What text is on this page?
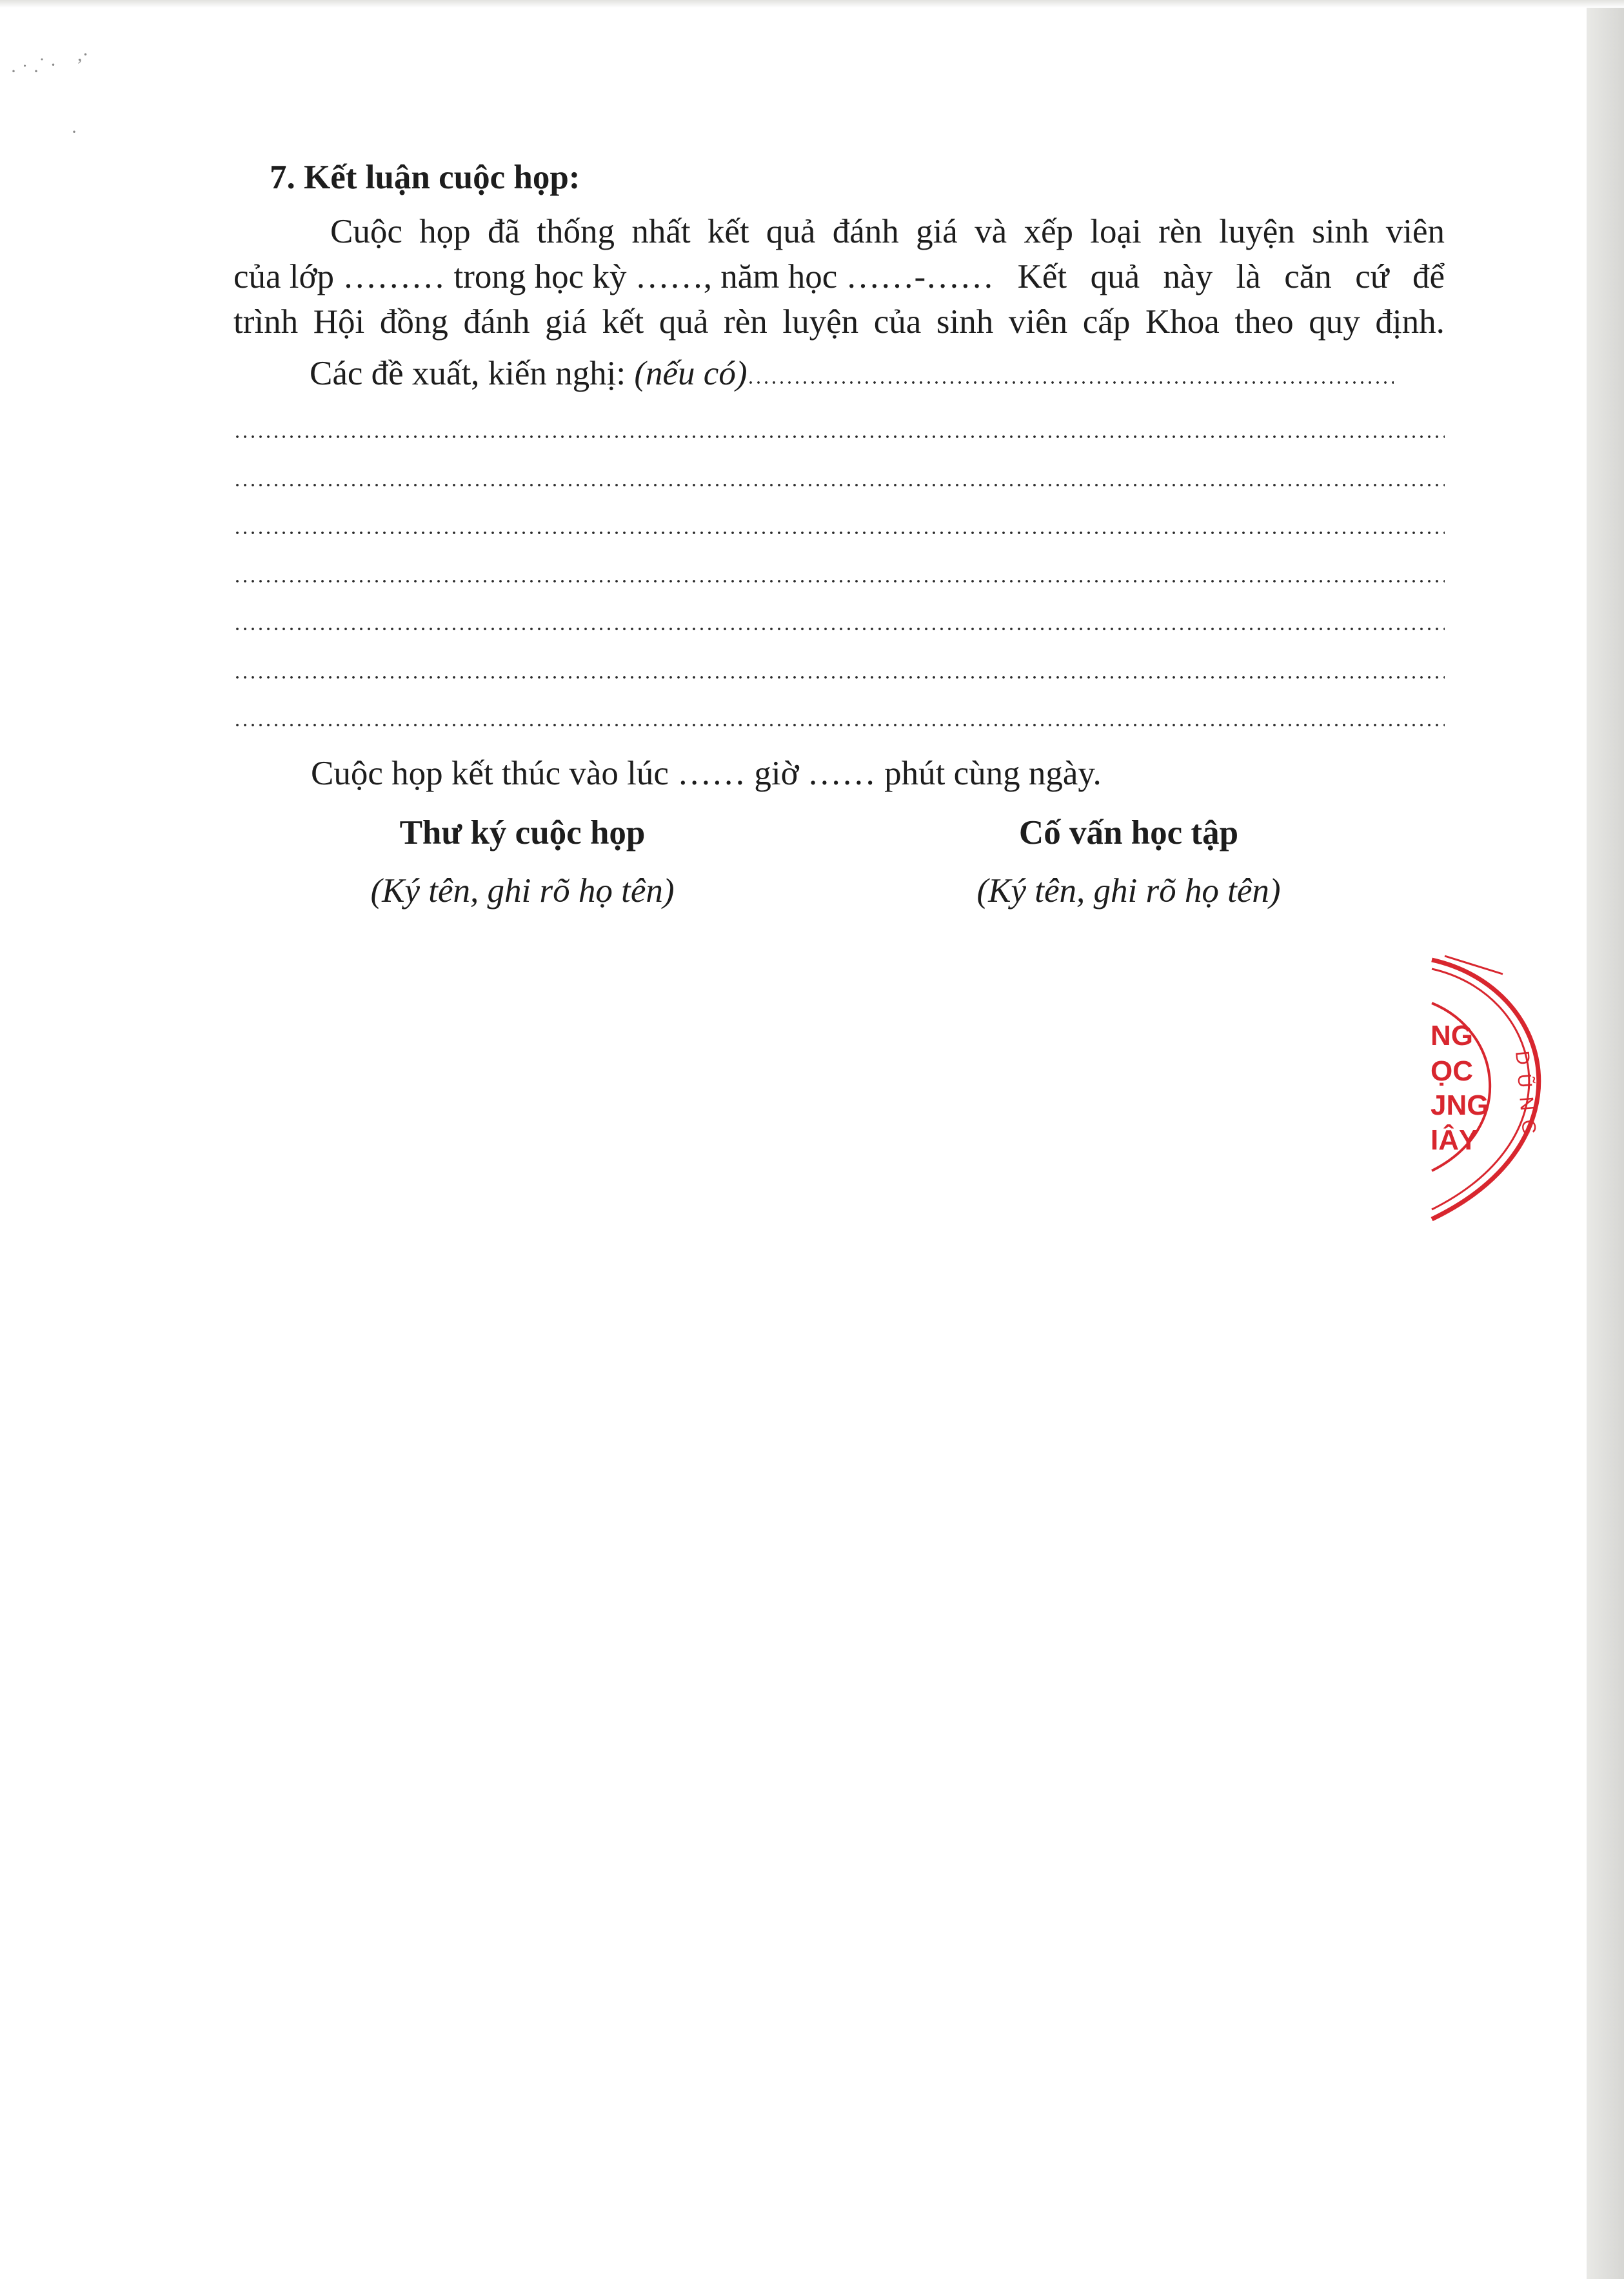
· ˙ · ˙ · ,·
·
7. Kết luận cuộc họp:
Cuộc họp đã thống nhất kết quả đánh giá và xếp loại rèn luyện sinh viên
của lớp ……… trong học kỳ ……, năm học ……-…… Kết quả này là căn cứ để
trình Hội đồng đánh giá kết quả rèn luyện của sinh viên cấp Khoa theo quy định.
Các đề xuất, kiến nghị: (nếu có)
Cuộc họp kết thúc vào lúc …… giờ …… phút cùng ngày.
Thư ký cuộc họp
(Ký tên, ghi rõ họ tên)
Cố vấn học tập
(Ký tên, ghi rõ họ tên)
NG
ỌC
JNG
IÂY DŨNG
